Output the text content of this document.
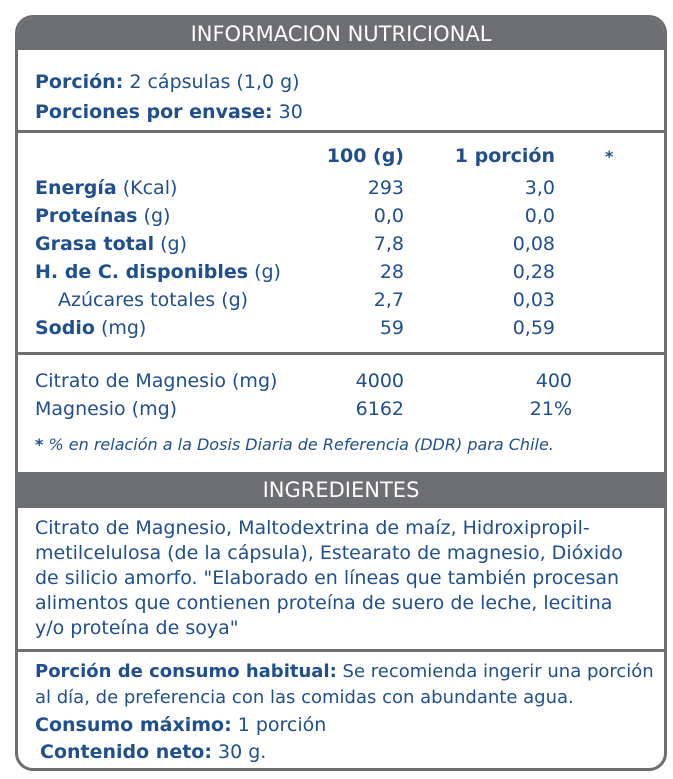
INFORMACION NUTRICIONAL
Porción: 2 cápsulas (1,0 g)
Porciones por envase: 30
100 (g)	1 porción	*
Energía (Kcal)	293	3,0
Proteínas (g)	0,0	0,0
Grasa total (g)	7,8	0,08
H. de C. disponibles (g)	28	0,28
Azúcares totales (g)	2,7	0,03
Sodio (mg)	59	0,59
Citrato de Magnesio (mg)	4000	400
Magnesio (mg)	6162	21%
* % en relación a la Dosis Diaria de Referencia (DDR) para Chile.
INGREDIENTES
Citrato de Magnesio, Maltodextrina de maíz, Hidroxipropil-
metilcelulosa (de la cápsula), Estearato de magnesio, Dióxido
de silicio amorfo. "Elaborado en líneas que también procesan
alimentos que contienen proteína de suero de leche, lecitina
y/o proteína de soya"
Porción de consumo habitual: Se recomienda ingerir una porción
al día, de preferencia con las comidas con abundante agua.
Consumo máximo: 1 porción
Contenido neto: 30 g.
